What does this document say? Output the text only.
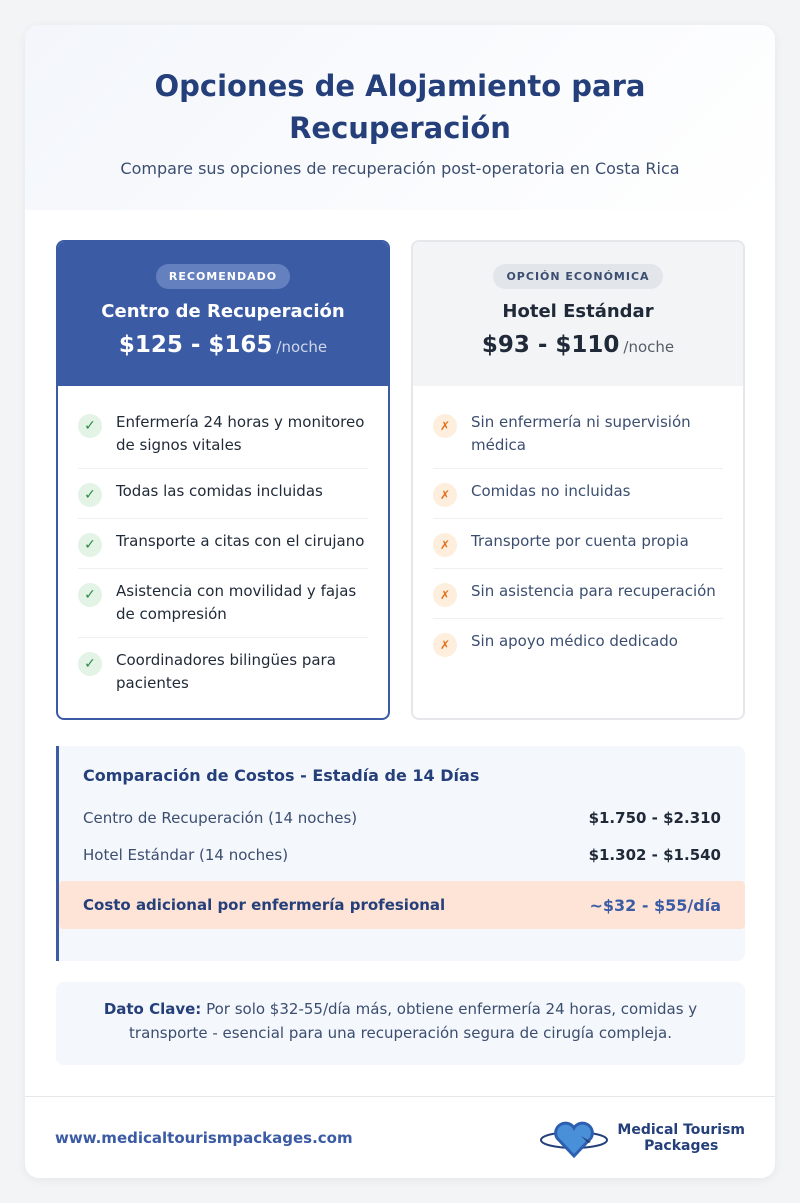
Opciones de Alojamiento para Recuperación

Compare sus opciones de recuperación post-operatoria en Costa Rica

RECOMENDADO
Centro de Recuperación
$125 - $165 /noche
✓	Enfermería 24 horas y monitoreo de signos vitales
✓	Todas las comidas incluidas
✓	Transporte a citas con el cirujano
✓	Asistencia con movilidad y fajas de compresión
✓	Coordinadores bilingües para pacientes
OPCIÓN ECONÓMICA
Hotel Estándar
$93 - $110 /noche
✗	Sin enfermería ni supervisión médica
✗	Comidas no incluidas
✗	Transporte por cuenta propia
✗	Sin asistencia para recuperación
✗	Sin apoyo médico dedicado
Comparación de Costos - Estadía de 14 Días
Centro de Recuperación (14 noches)	$1.750 - $2.310
Hotel Estándar (14 noches)	$1.302 - $1.540
Costo adicional por enfermería profesional	~$32 - $55/día
Dato Clave: Por solo $32-55/día más, obtiene enfermería 24 horas, comidas y transporte - esencial para una recuperación segura de cirugía compleja.
www.medicaltourismpackages.com	Medical Tourism
Packages
